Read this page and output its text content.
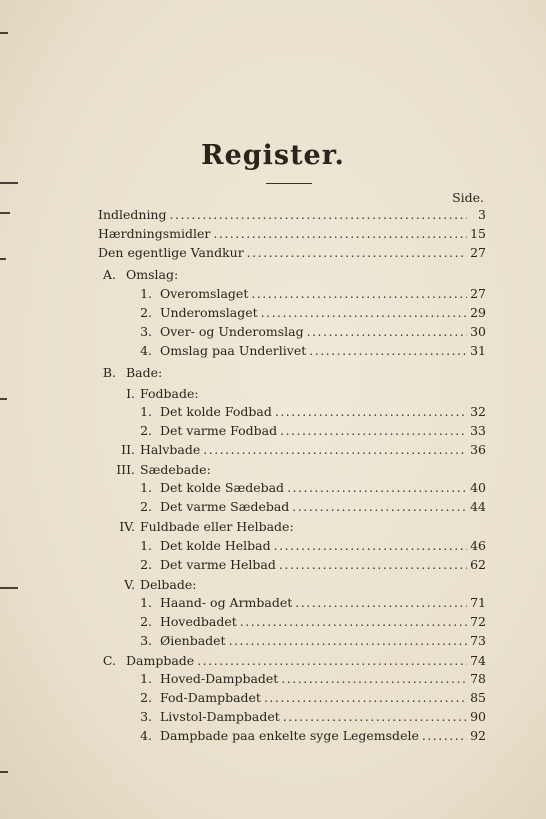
Register.
Side.
Indledning .....	3
Hærdningsmidler .....	15
Den egentlige Vandkur .....	27
A. Omslag:
1. Overomslaget .....	27
2. Underomslaget .....	29
3. Over- og Underomslag .....	30
4. Omslag paa Underlivet .....	31
B. Bade:
I. Fodbade:
1. Det kolde Fodbad .....	32
2. Det varme Fodbad .....	33
II. Halvbade .....	36
III. Sædebade:
1. Det kolde Sædebad .....	40
2. Det varme Sædebad .....	44
IV. Fuldbade eller Helbade:
1. Det kolde Helbad .....	46
2. Det varme Helbad .....	62
V. Delbade:
1. Haand- og Armbadet .....	71
2. Hovedbadet .....	72
3. Øienbadet .....	73
C. Dampbade .....	74
1. Hoved-Dampbadet .....	78
2. Fod-Dampbadet .....	85
3. Livstol-Dampbadet .....	90
4. Dampbade paa enkelte syge Legemsdele .....	92
